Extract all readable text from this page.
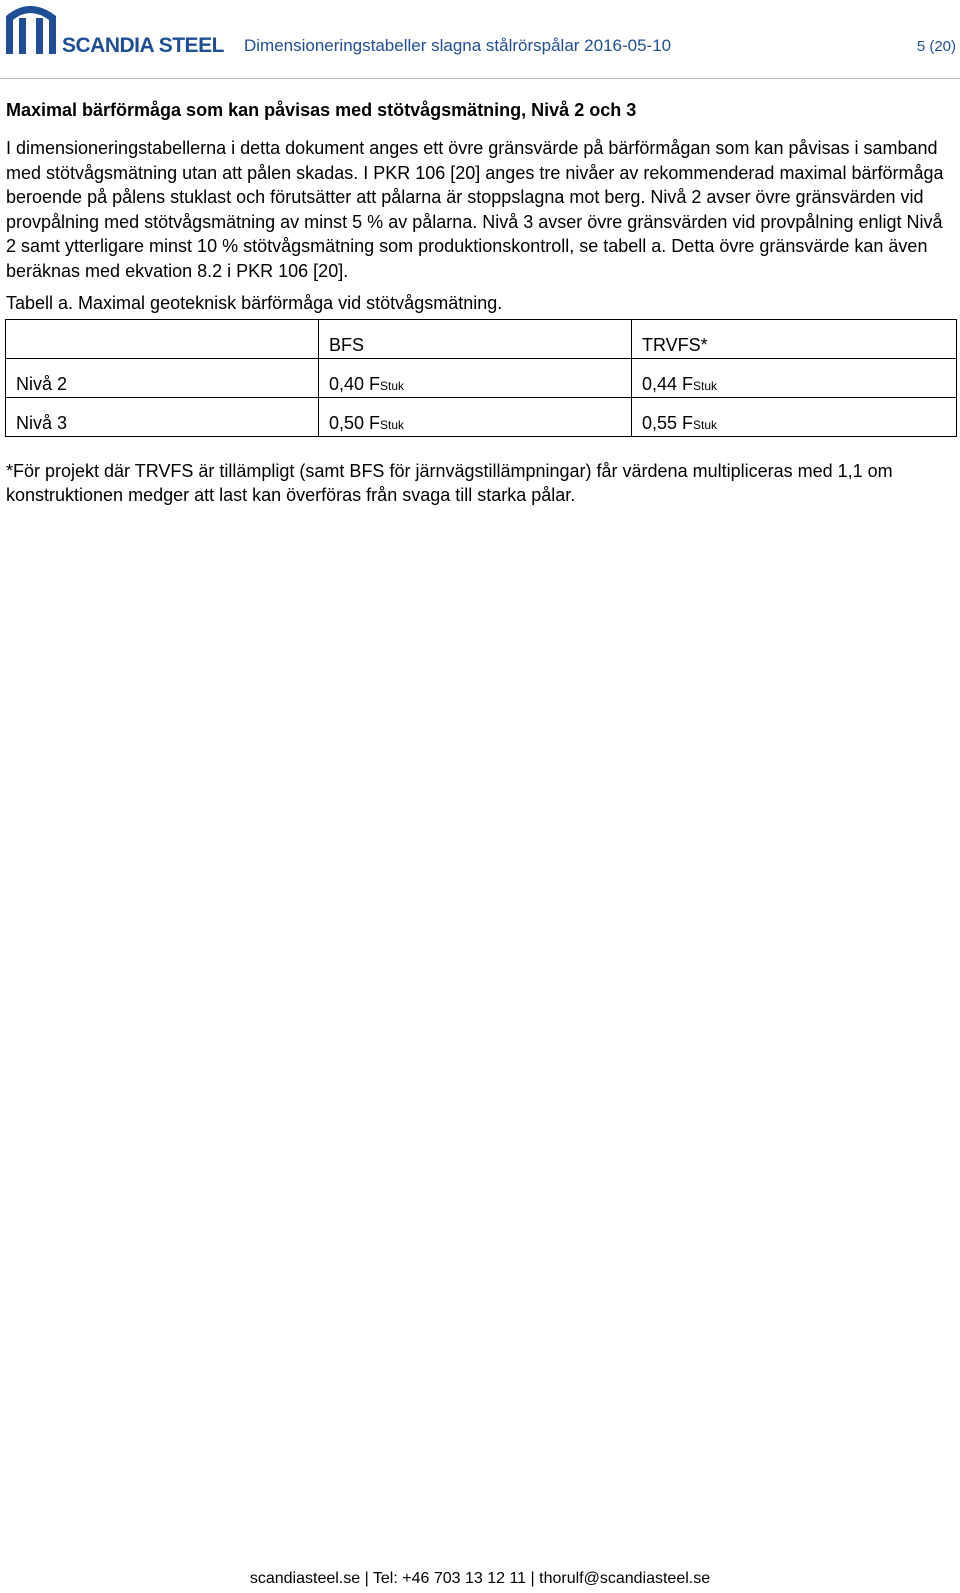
SCANDIA STEEL Dimensioneringstabeller slagna stålrörspålar 2016-05-10	5 (20)
Maximal bärförmåga som kan påvisas med stötvågsmätning, Nivå 2 och 3

I dimensioneringstabellerna i detta dokument anges ett övre gränsvärde på bärförmågan som kan påvisas i samband med stötvågsmätning utan att pålen skadas. I PKR 106 [20] anges tre nivåer av rekommenderad maximal bärförmåga beroende på pålens stuklast och förutsätter att pålarna är stoppslagna mot berg. Nivå 2 avser övre gränsvärden vid provpålning med stötvågsmätning av minst 5 % av pålarna. Nivå 3 avser övre gränsvärden vid provpålning enligt Nivå 2 samt ytterligare minst 10 % stötvågsmätning som produktionskontroll, se tabell a. Detta övre gränsvärde kan även beräknas med ekvation 8.2 i PKR 106 [20].

Tabell a. Maximal geoteknisk bärförmåga vid stötvågsmätning.
	BFS	TRVFS*
Nivå 2	0,40 FStuk	0,44 FStuk
Nivå 3	0,50 FStuk	0,55 FStuk
*För projekt där TRVFS är tillämpligt (samt BFS för järnvägstillämpningar) får värdena multipliceras med 1,1 om konstruktionen medger att last kan överföras från svaga till starka pålar.
scandiasteel.se | Tel: +46 703 13 12 11 | thorulf@scandiasteel.se
